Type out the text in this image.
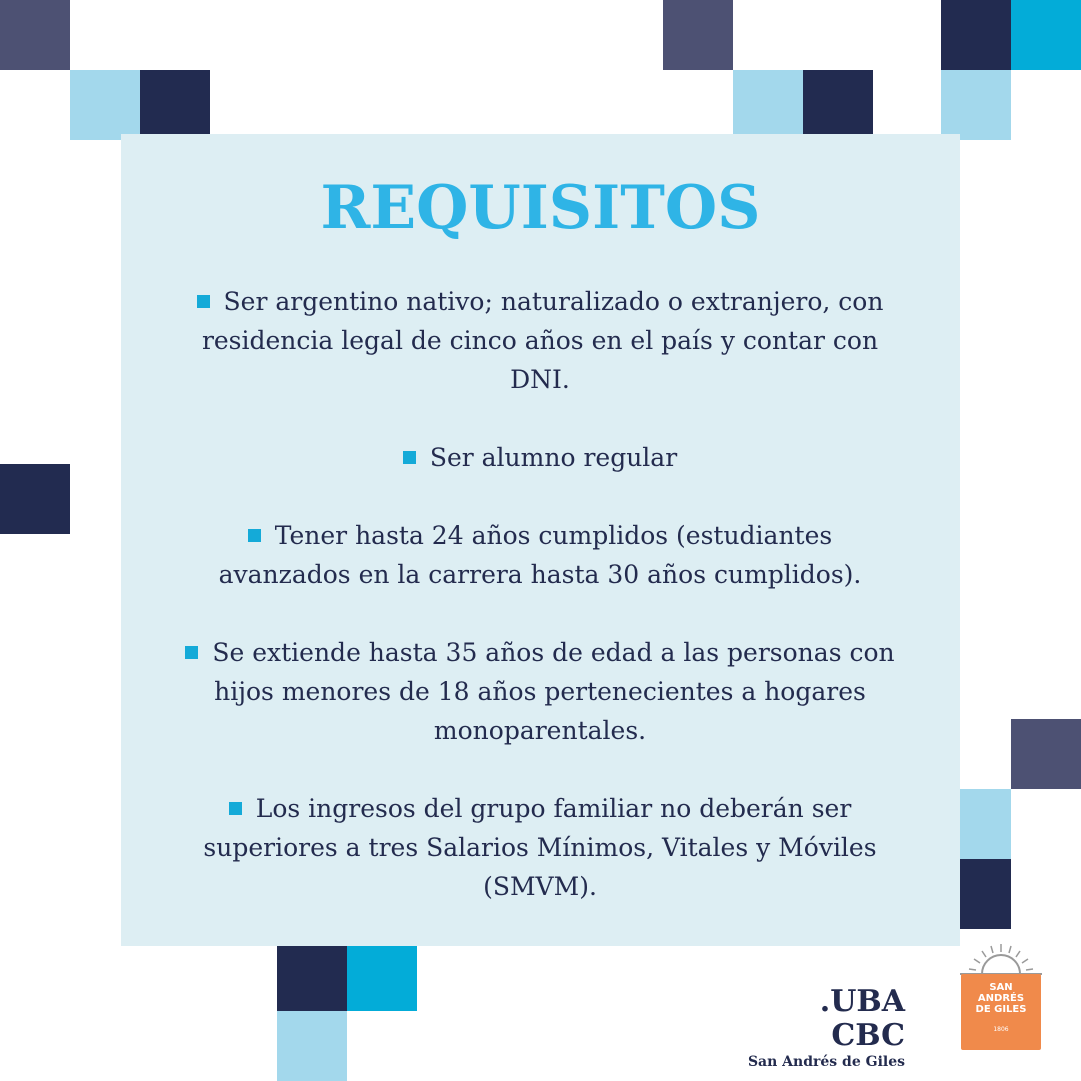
REQUISITOS

Ser argentino nativo; naturalizado o extranjero, con
residencia legal de cinco años en el país y contar con
DNI.

Ser alumno regular

Tener hasta 24 años cumplidos (estudiantes
avanzados en la carrera hasta 30 años cumplidos).

Se extiende hasta 35 años de edad a las personas con
hijos menores de 18 años pertenecientes a hogares
monoparentales.

Los ingresos del grupo familiar no deberán ser
superiores a tres Salarios Mínimos, Vitales y Móviles
(SMVM).

.UBA CBC
San Andrés de Giles
SAN
ANDRÉS
DE GILES
1806
